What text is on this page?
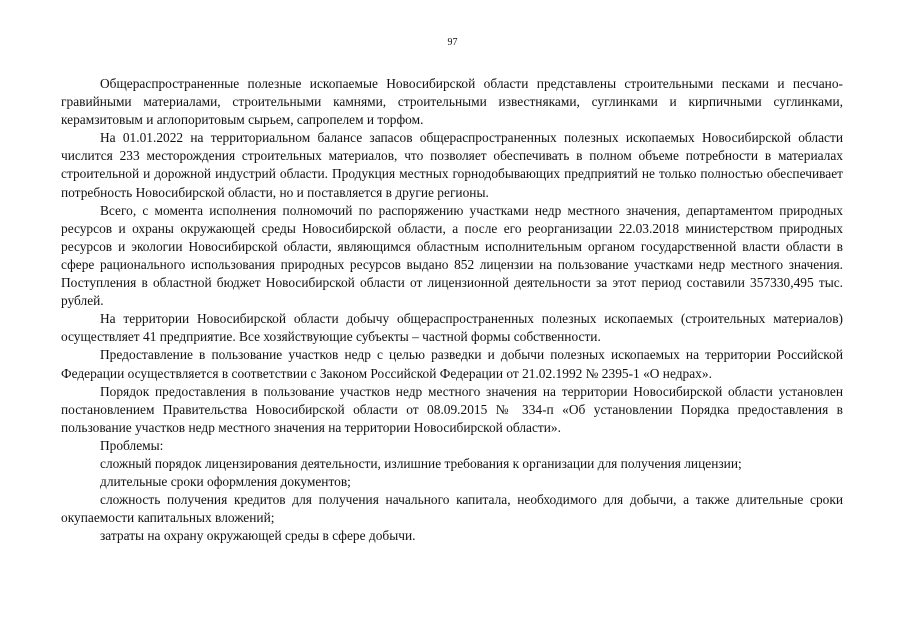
97

Общераспространенные полезные ископаемые Новосибирской области представлены строительными песками и песчано-гравийными материалами, строительными камнями, строительными известняками, суглинками и кирпичными суглинками, керамзитовым и аглопоритовым сырьем, сапропелем и торфом.

На 01.01.2022 на территориальном балансе запасов общераспространенных полезных ископаемых Новосибирской области числится 233 месторождения строительных материалов, что позволяет обеспечивать в полном объеме потребности в материалах строительной и дорожной индустрий области. Продукция местных горнодобывающих предприятий не только полностью обеспечивает потребность Новосибирской области, но и поставляется в другие регионы.

Всего, с момента исполнения полномочий по распоряжению участками недр местного значения, департаментом природных ресурсов и охраны окружающей среды Новосибирской области, а после его реорганизации 22.03.2018 министерством природных ресурсов и экологии Новосибирской области, являющимся областным исполнительным органом государственной власти области в сфере рационального использования природных ресурсов выдано 852 лицензии на пользование участками недр местного значения. Поступления в областной бюджет Новосибирской области от лицензионной деятельности за этот период составили 357330,495 тыс. рублей.

На территории Новосибирской области добычу общераспространенных полезных ископаемых (строительных материалов) осуществляет 41 предприятие. Все хозяйствующие субъекты – частной формы собственности.

Предоставление в пользование участков недр с целью разведки и добычи полезных ископаемых на территории Российской Федерации осуществляется в соответствии с Законом Российской Федерации от 21.02.1992 № 2395-1 «О недрах».

Порядок предоставления в пользование участков недр местного значения на территории Новосибирской области установлен постановлением Правительства Новосибирской области от 08.09.2015 № 334-п «Об установлении Порядка предоставления в пользование участков недр местного значения на территории Новосибирской области».

Проблемы:

сложный порядок лицензирования деятельности, излишние требования к организации для получения лицензии;

длительные сроки оформления документов;

сложность получения кредитов для получения начального капитала, необходимого для добычи, а также длительные сроки окупаемости капитальных вложений;

затраты на охрану окружающей среды в сфере добычи.
